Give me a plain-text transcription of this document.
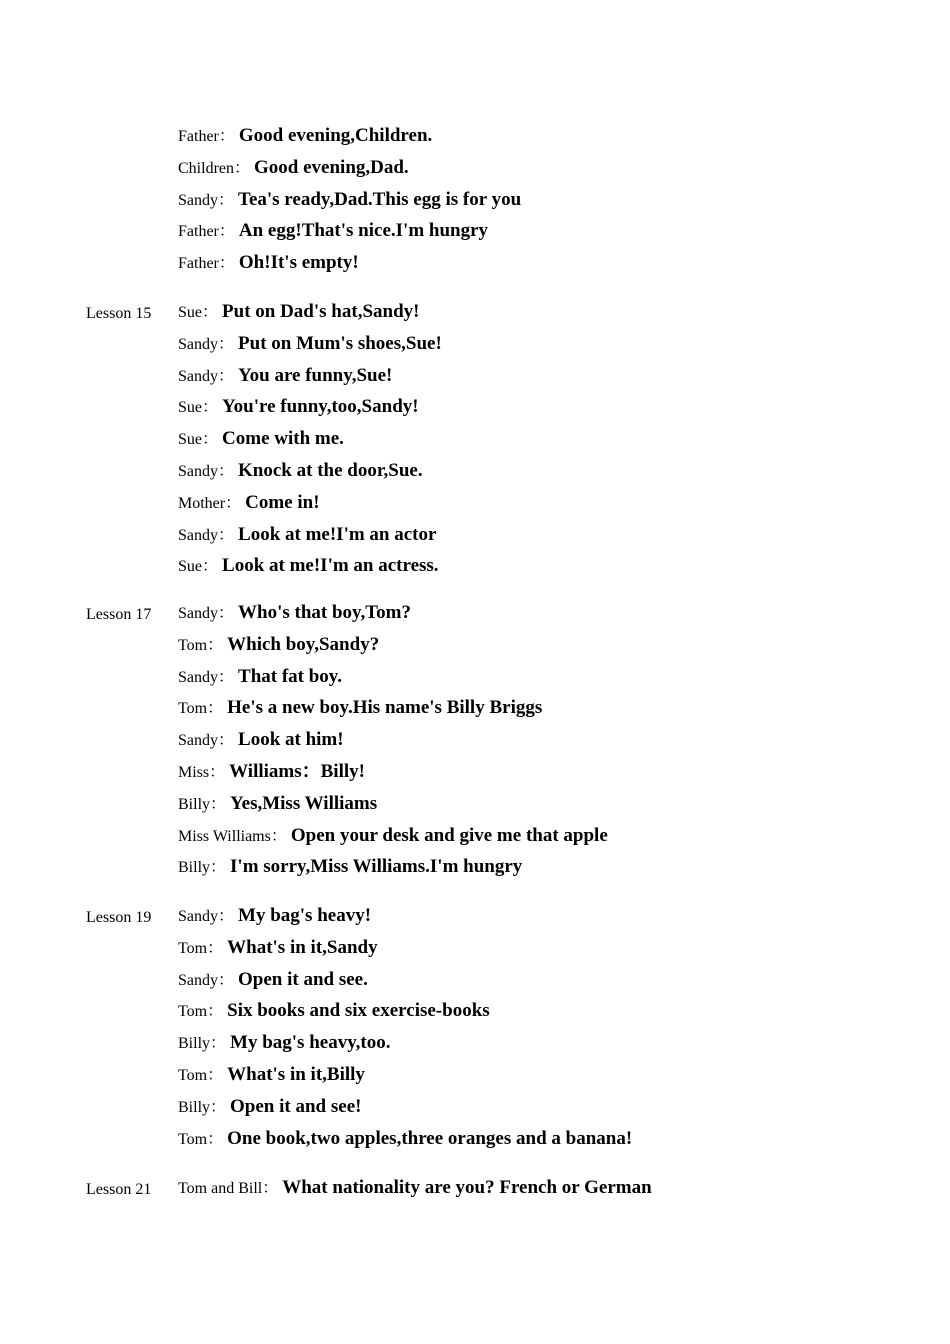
Father： Good evening,Children.
Children： Good evening,Dad.
Sandy： Tea's ready,Dad.This egg is for you
Father： An egg!That's nice.I'm hungry
Father： Oh!It's empty!
Lesson 15 Sue： Put on Dad's hat,Sandy!
Sandy： Put on Mum's shoes,Sue!
Sandy： You are funny,Sue!
Sue： You're funny,too,Sandy!
Sue： Come with me.
Sandy： Knock at the door,Sue.
Mother： Come in!
Sandy： Look at me!I'm an actor
Sue： Look at me!I'm an actress.
Lesson 17 Sandy： Who's that boy,Tom?
Tom： Which boy,Sandy?
Sandy： That fat boy.
Tom： He's a new boy.His name's Billy Briggs
Sandy： Look at him!
Miss： Williams：Billy!
Billy： Yes,Miss Williams
Miss Williams： Open your desk and give me that apple
Billy： I'm sorry,Miss Williams.I'm hungry
Lesson 19 Sandy： My bag's heavy!
Tom： What's in it,Sandy
Sandy： Open it and see.
Tom： Six books and six exercise-books
Billy： My bag's heavy,too.
Tom： What's in it,Billy
Billy： Open it and see!
Tom： One book,two apples,three oranges and a banana!
Lesson 21 Tom and Bill： What nationality are you? French or German
